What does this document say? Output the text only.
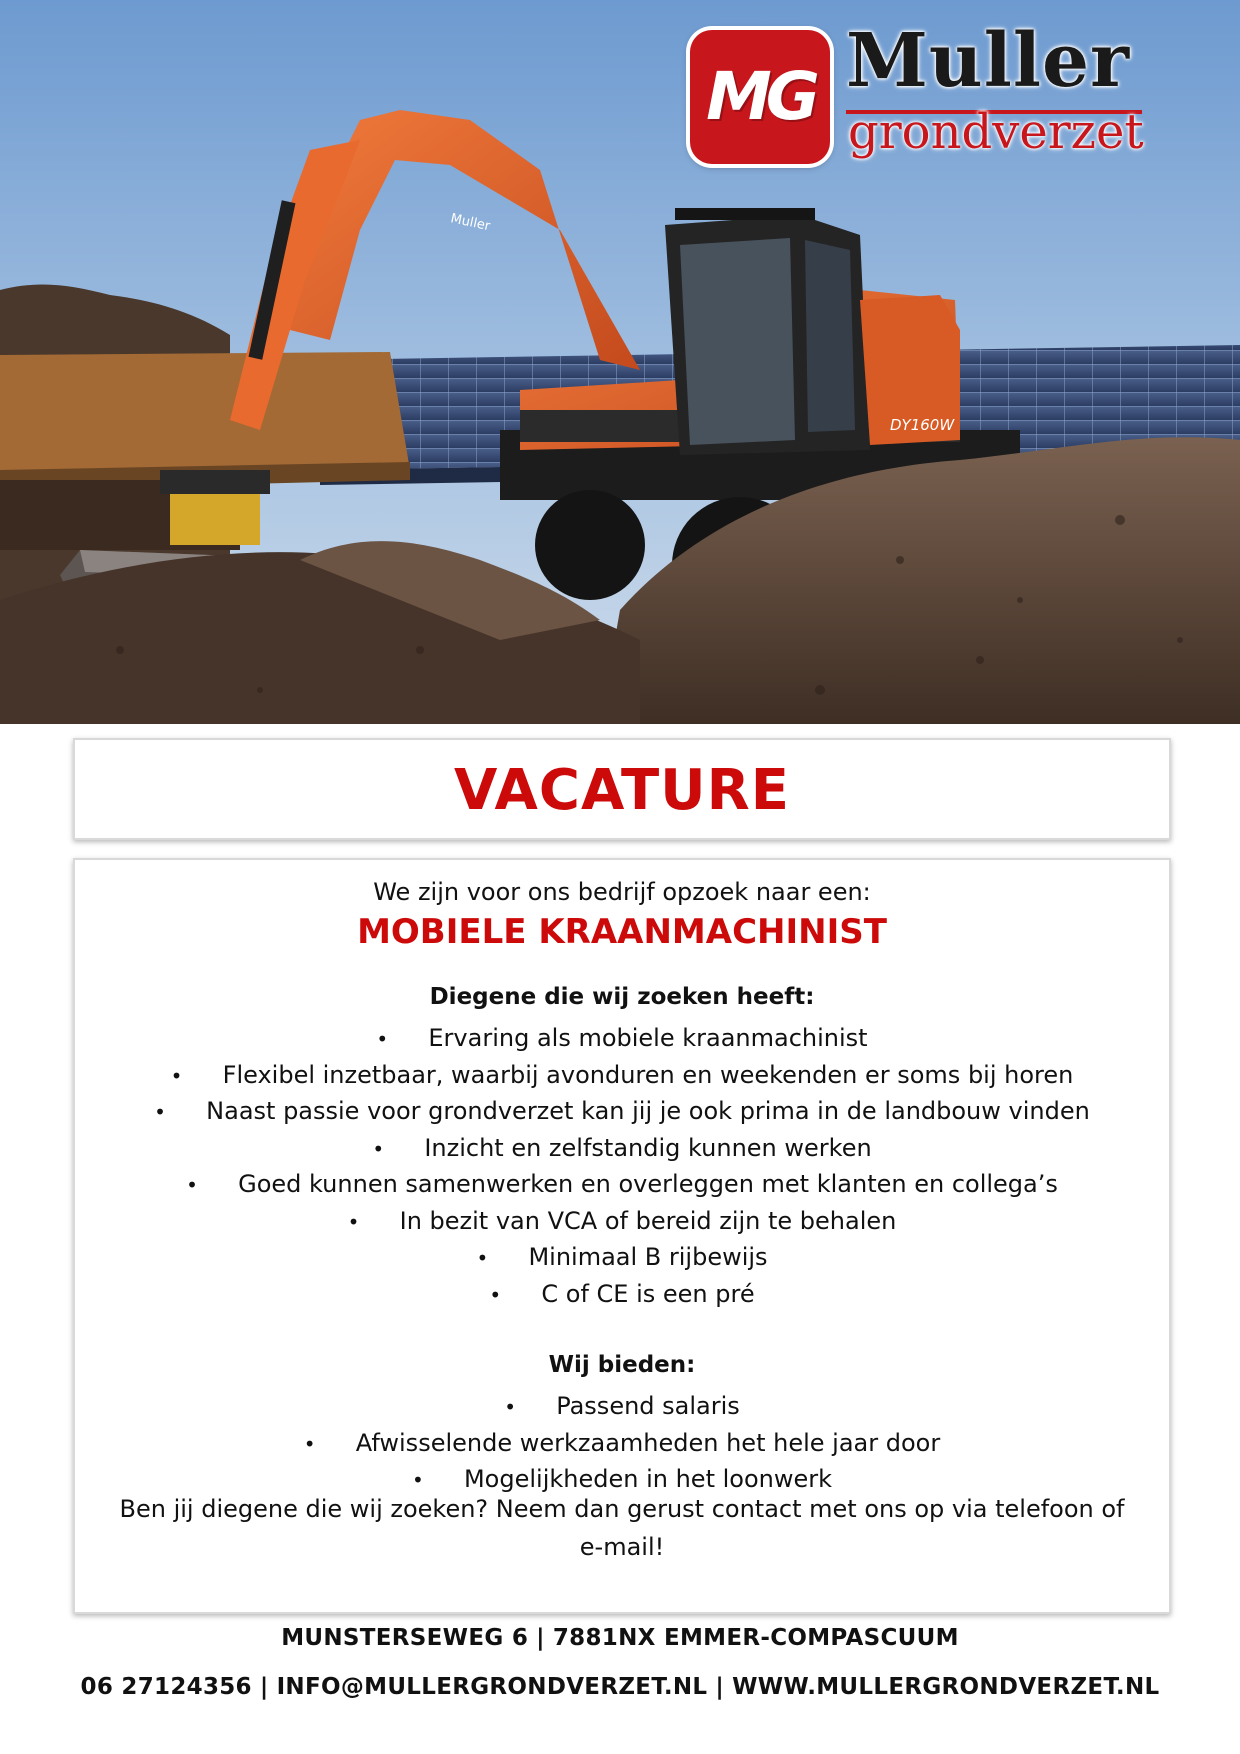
Muller
DY160W
MG Muller
grondverzet
VACATURE
We zijn voor ons bedrijf opzoek naar een:
MOBIELE KRAANMACHINIST
Diegene die wij zoeken heeft:
• Ervaring als mobiele kraanmachinist
• Flexibel inzetbaar, waarbij avonduren en weekenden er soms bij horen
• Naast passie voor grondverzet kan jij je ook prima in de landbouw vinden
• Inzicht en zelfstandig kunnen werken
• Goed kunnen samenwerken en overleggen met klanten en collega’s
• In bezit van VCA of bereid zijn te behalen
• Minimaal B rijbewijs
• C of CE is een pré
Wij bieden:
• Passend salaris
• Afwisselende werkzaamheden het hele jaar door
• Mogelijkheden in het loonwerk
Ben jij diegene die wij zoeken? Neem dan gerust contact met ons op via telefoon of e-mail!
MUNSTERSEWEG 6 | 7881NX EMMER-COMPASCUUM
06 27124356 | INFO@MULLERGRONDVERZET.NL | WWW.MULLERGRONDVERZET.NL
